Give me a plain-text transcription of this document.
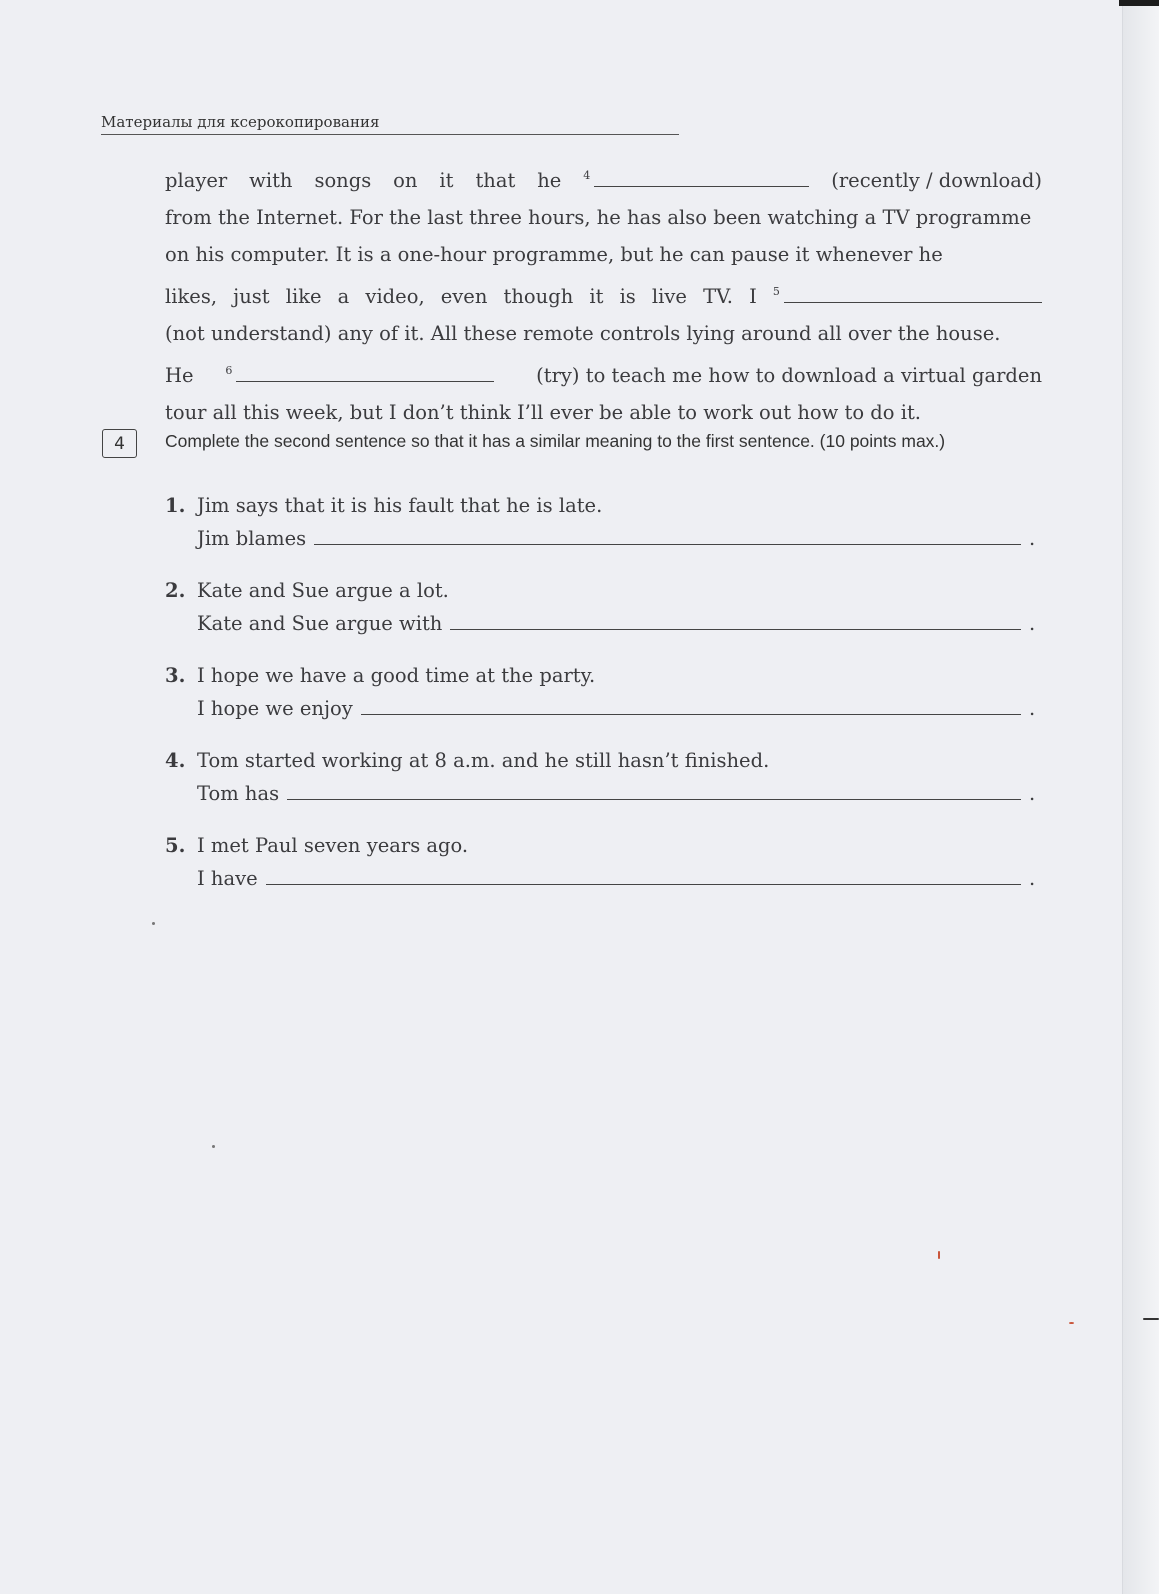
Материалы для ксерокопирования
player with songs on it that he $^4$	(recently / download)
from the Internet. For the last three hours, he has also been watching a TV programme
on his computer. It is a one-hour programme, but he can pause it whenever he
likes, just like a video, even though it is live TV. I $^5$
(not understand) any of it. All these remote controls lying around all over the house.
He	$^6$	(try) to teach me how to download a virtual garden
tour all this week, but I don’t think I’ll ever be able to work out how to do it.
4	Complete the second sentence so that it has a similar meaning to the first sentence. (10 points max.)
1. Jim says that it is his fault that he is late.
Jim blames	.
2. Kate and Sue argue a lot.
Kate and Sue argue with	.
3. I hope we have a good time at the party.
I hope we enjoy	.
4. Tom started working at 8 a.m. and he still hasn’t finished.
Tom has	.
5. I met Paul seven years ago.
I have	.
